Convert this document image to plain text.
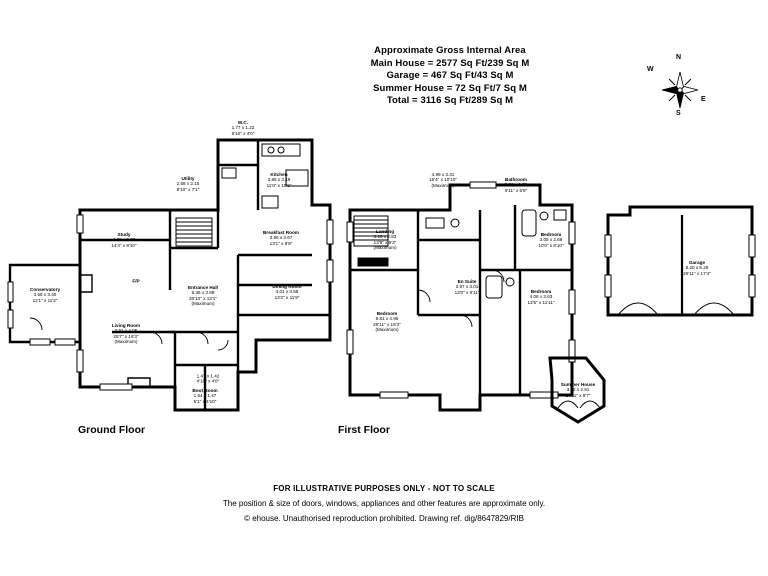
Approximate Gross Internal Area
Main House = 2577 Sq Ft/239 Sq M
Garage = 467 Sq Ft/43 Sq M
Summer House = 72 Sq Ft/7 Sq M
Total = 3116 Sq Ft/289 Sq M
N
E
S
W
W.C.
1.77 x 1.22
5'10" x 4'0"
Utility
2.68 x 2.15
8'10" x 7'1"
Kitchen
3.85 x 3.19
11'0" x 10'6"
Study
4.38 x 3.00
14'4" x 9'10"
Breakfast Room
3.96 x 2.67
13'1" x 8'9"
Entrance Hall
6.36 x 3.99
20'10" x 13'1"
(Maximum)
Dining Room
4.01 x 3.58
13'2" x 11'9"
Conservatory
3.68 x 3.40
12'1" x 11'2"
Living Room
7.81 x 4.95
25'7" x 16'3"
(Maximum)
1.47 x 1.42
4'10" x 4'8"
Boot Room
1.54 x 1.47
5'1" x 4'10"
F/P
4.99 x 3.31
16'4" x 10'10"
(Maximum)
Bathroom
3.01 x 1.72
9'11" x 5'8"
Bedroom
3.05 x 2.69
10'0" x 8'10"
Landing
4.16 x 2.83
13'8" x 9'3"
(Maximum)
En Suite
3.97 x 3.01
13'0" x 9'11"	Bedroom
4.08 x 3.63
13'5" x 11'11"
Bedroom
8.81 x 4.95
28'11" x 16'3"
(Maximum)
Garage
8.20 x 5.29
26'11" x 17'4"
Summer House
3.32 x 2.91
10'11" x 9'7"
Ground Floor	First Floor
FOR ILLUSTRATIVE PURPOSES ONLY - NOT TO SCALE
The position & size of doors, windows, appliances and other features are approximate only.
© ehouse. Unauthorised reproduction prohibited. Drawing ref. dig/8647829/RIB
